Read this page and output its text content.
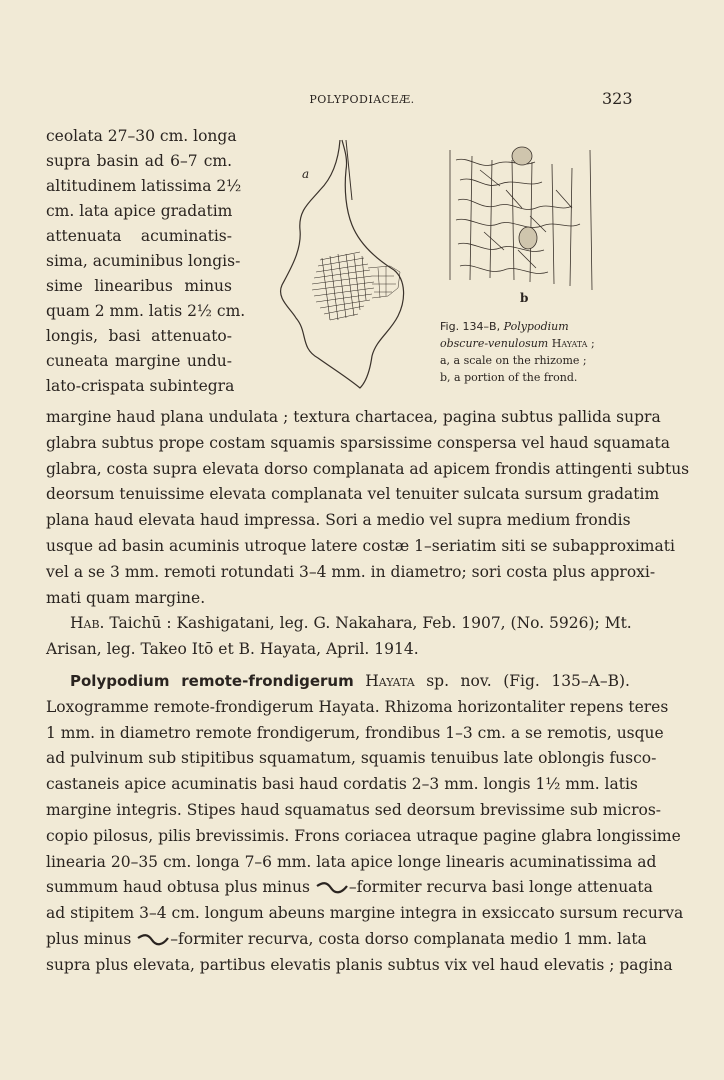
POLYPODIACEÆ.	323
ceolata 27–30 cm. longa
supra basin ad 6–7 cm.
altitudinem latissima 2½
cm. lata apice gradatim
attenuata acuminatis-
sima, acuminibus longis-
sime linearibus minus
quam 2 mm. latis 2½ cm.
longis, basi attenuato-
cuneata margine undu-
lato-crispata subintegra
a
b
Fig. 134–B, Polypodium
obscure-venulosum Hayata ;
a, a scale on the rhizome ;
b, a portion of the frond.
margine haud plana undulata ; textura chartacea, pagina subtus pallida supra
glabra subtus prope costam squamis sparsissime conspersa vel haud squamata
glabra, costa supra elevata dorso complanata ad apicem frondis attingenti subtus
deorsum tenuissime elevata complanata vel tenuiter sulcata sursum gradatim
plana haud elevata haud impressa. Sori a medio vel supra medium frondis
usque ad basin acuminis utroque latere costæ 1–seriatim siti se subapproximati
vel a se 3 mm. remoti rotundati 3–4 mm. in diametro; sori costa plus approxi-
mati quam margine.
Hab. Taichū : Kashigatani, leg. G. Nakahara, Feb. 1907, (No. 5926); Mt.
Arisan, leg. Takeo Itō et B. Hayata, April. 1914.
Polypodium remote-frondigerum Hayata sp. nov. (Fig. 135–A–B).
Loxogramme remote-frondigerum Hayata. Rhizoma horizontaliter repens teres
1 mm. in diametro remote frondigerum, frondibus 1–3 cm. a se remotis, usque
ad pulvinum sub stipitibus squamatum, squamis tenuibus late oblongis fusco-
castaneis apice acuminatis basi haud cordatis 2–3 mm. longis 1½ mm. latis
margine integris. Stipes haud squamatus sed deorsum brevissime sub micros-
copio pilosus, pilis brevissimis. Frons coriacea utraque pagine glabra longissime
linearia 20–35 cm. longa 7–6 mm. lata apice longe linearis acuminatissima ad
summum haud obtusa plus minus	–formiter recurva basi longe attenuata
ad stipitem 3–4 cm. longum abeuns margine integra in exsiccato sursum recurva
plus minus	–formiter recurva, costa dorso complanata medio 1 mm. lata
supra plus elevata, partibus elevatis planis subtus vix vel haud elevatis ; pagina
